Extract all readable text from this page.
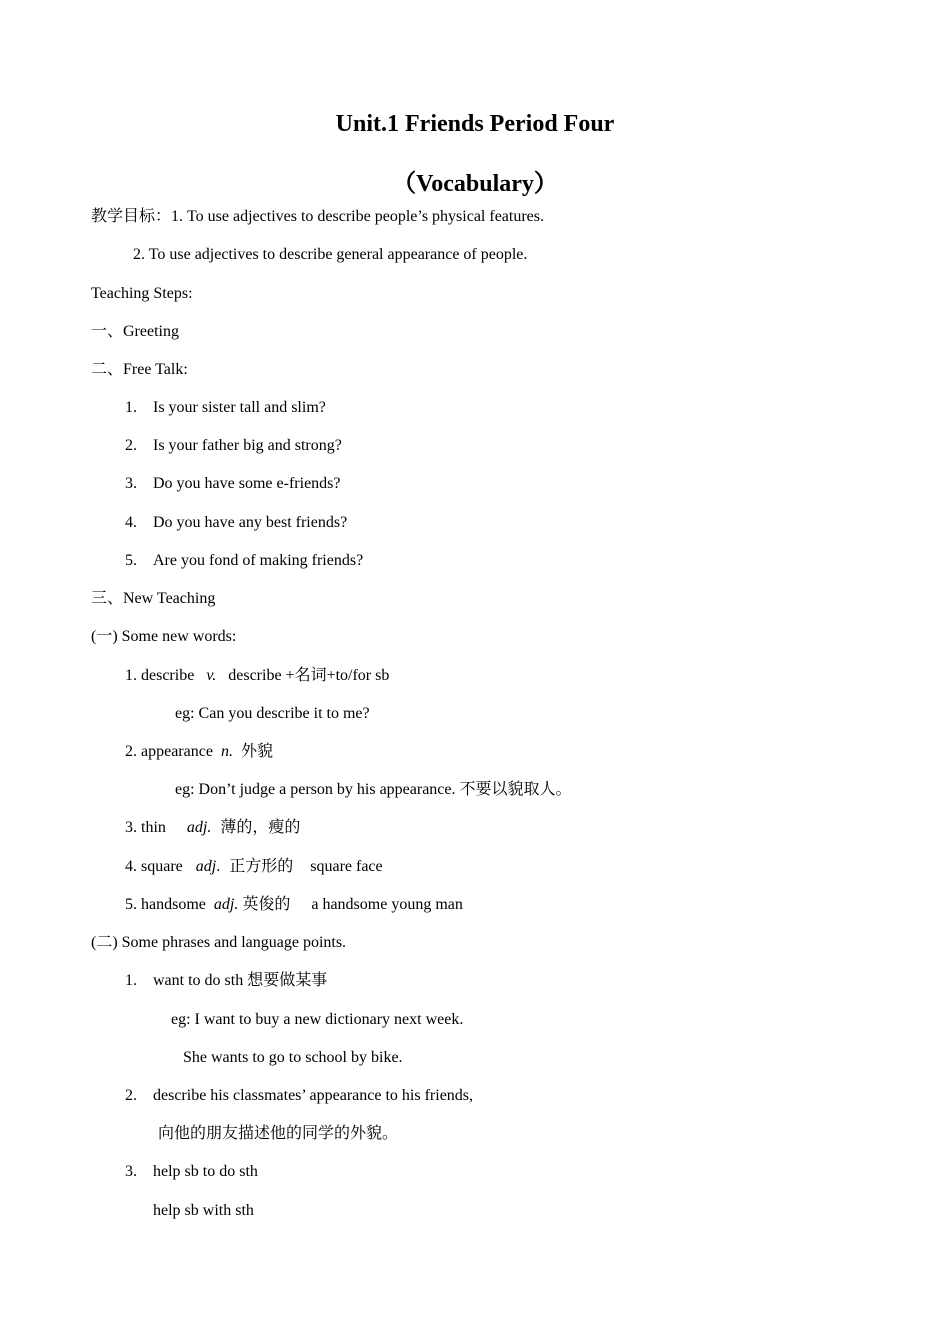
Unit.1 Friends Period Four
（Vocabulary）
教学目标：1. To use adjectives to describe people’s physical features.
2. To use adjectives to describe general appearance of people.
Teaching Steps:
一、Greeting
二、Free Talk:
1. Is your sister tall and slim?
2. Is your father big and strong?
3. Do you have some e-friends?
4. Do you have any best friends?
5. Are you fond of making friends?
三、New Teaching
(一) Some new words:
1. describe v. describe +名词+to/for sb
eg: Can you describe it to me?
2. appearance n. 外貌
eg: Don’t judge a person by his appearance. 不要以貌取人。
3. thin adj. 薄的，瘦的
4. square adj. 正方形的 square face
5. handsome adj. 英俊的 a handsome young man
(二) Some phrases and language points.
1. want to do sth 想要做某事
eg: I want to buy a new dictionary next week.
She wants to go to school by bike.
2. describe his classmates’ appearance to his friends,
向他的朋友描述他的同学的外貌。
3. help sb to do sth
help sb with sth
